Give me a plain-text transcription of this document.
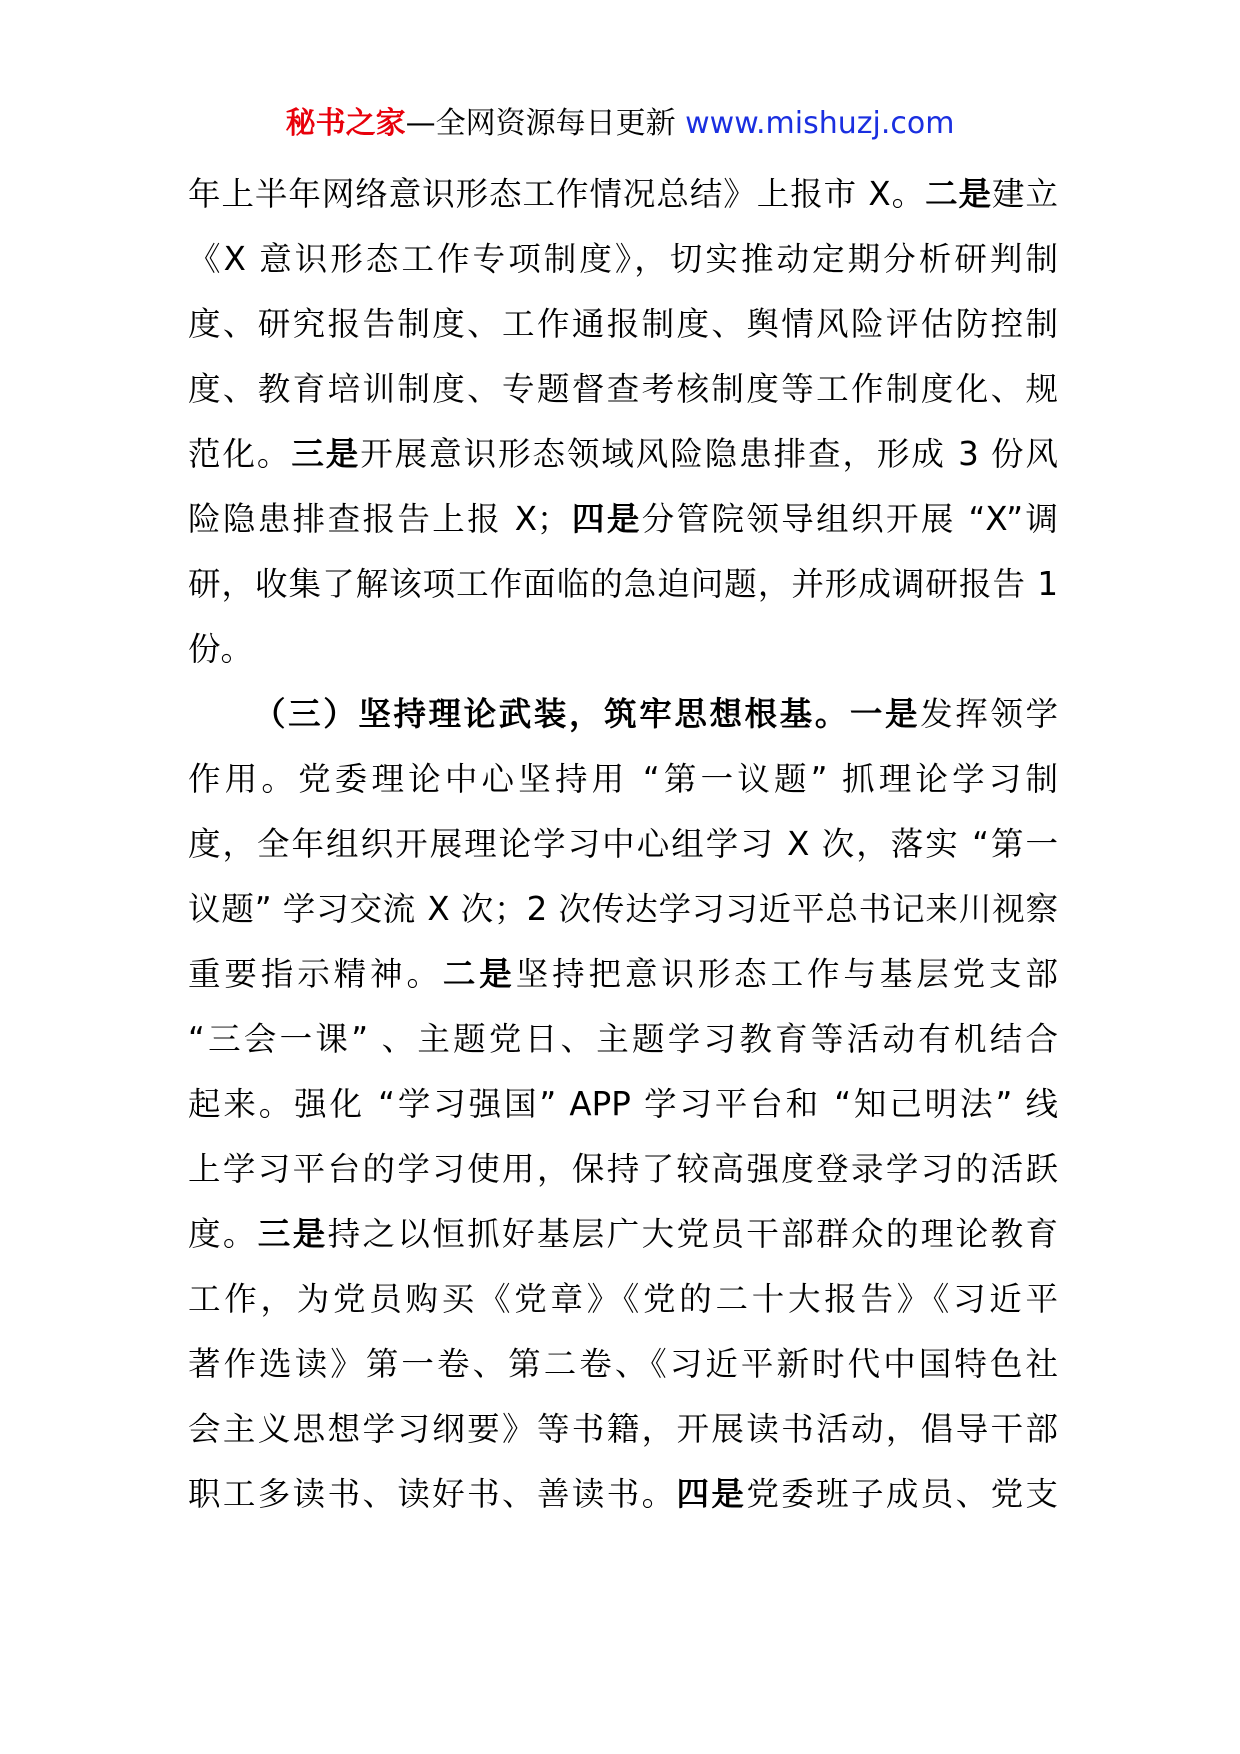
秘书之家—全网资源每日更新 www.mishuzj.com
年上半年网络意识形态工作情况总结》上报市 X。二是建立
《X 意识形态工作专项制度》，切实推动定期分析研判制
度、研究报告制度、工作通报制度、舆情风险评估防控制
度、教育培训制度、专题督查考核制度等工作制度化、规
范化。三是开展意识形态领域风险隐患排查，形成 3 份风
险隐患排查报告上报 X；四是分管院领导组织开展 “X”调
研，收集了解该项工作面临的急迫问题，并形成调研报告 1
份。
（三）坚持理论武装，筑牢思想根基。一是发挥领学
作用。党委理论中心坚持用 “第一议题” 抓理论学习制
度，全年组织开展理论学习中心组学习 X 次，落实 “第一
议题” 学习交流 X 次；2 次传达学习习近平总书记来川视察
重要指示精神。二是坚持把意识形态工作与基层党支部
“三会一课” 、主题党日、主题学习教育等活动有机结合
起来。强化 “学习强国” APP 学习平台和 “知己明法” 线
上学习平台的学习使用，保持了较高强度登录学习的活跃
度。三是持之以恒抓好基层广大党员干部群众的理论教育
工作，为党员购买《党章》《党的二十大报告》《习近平
著作选读》第一卷、第二卷、《习近平新时代中国特色社
会主义思想学习纲要》等书籍，开展读书活动，倡导干部
职工多读书、读好书、善读书。四是党委班子成员、党支
